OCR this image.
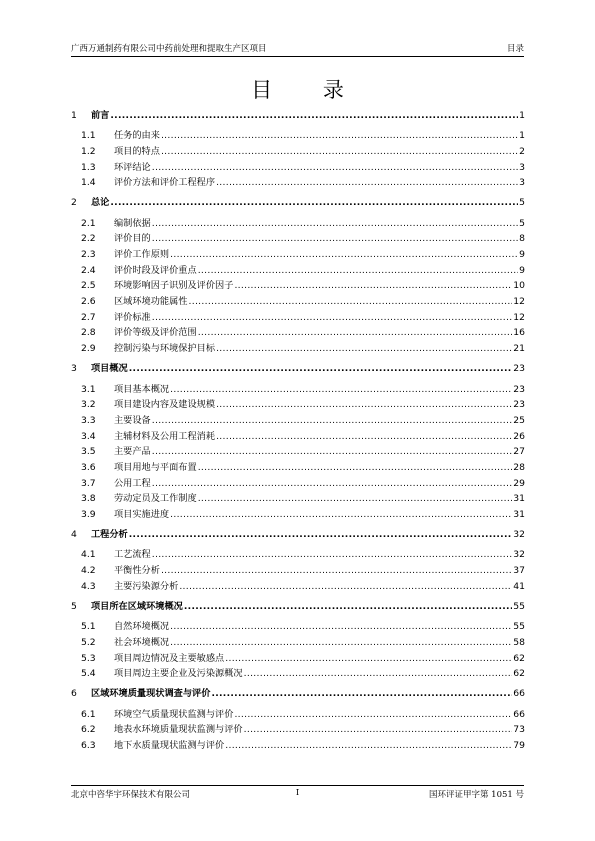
广西万通制药有限公司中药前处理和提取生产区项目	目录
目 录
1 前言 .....	1
1.1 任务的由来 .....	1
1.2 项目的特点 .....	2
1.3 环评结论 .....	3
1.4 评价方法和评价工程程序 .....	3
2 总论 .....	5
2.1 编制依据 .....	5
2.2 评价目的 .....	8
2.3 评价工作原则 .....	9
2.4 评价时段及评价重点 .....	9
2.5 环境影响因子识别及评价因子 .....	10
2.6 区域环境功能属性 .....	12
2.7 评价标准 .....	12
2.8 评价等级及评价范围 .....	16
2.9 控制污染与环境保护目标 .....	21
3 项目概况 .....	23
3.1 项目基本概况 .....	23
3.2 项目建设内容及建设规模 .....	23
3.3 主要设备 .....	25
3.4 主辅材料及公用工程消耗 .....	26
3.5 主要产品 .....	27
3.6 项目用地与平面布置 .....	28
3.7 公用工程 .....	29
3.8 劳动定员及工作制度 .....	31
3.9 项目实施进度 .....	31
4 工程分析 .....	32
4.1 工艺流程 .....	32
4.2 平衡性分析 .....	37
4.3 主要污染源分析 .....	41
5 项目所在区域环境概况 .....	55
5.1 自然环境概况 .....	55
5.2 社会环境概况 .....	58
5.3 项目周边情况及主要敏感点 .....	62
5.4 项目周边主要企业及污染源概况 .....	62
6 区域环境质量现状调查与评价 .....	66
6.1 环境空气质量现状监测与评价 .....	66
6.2 地表水环境质量现状监测与评价 .....	73
6.3 地下水质量现状监测与评价 .....	79
北京中咨华宇环保技术有限公司	I	国环评证甲字第 1051 号
